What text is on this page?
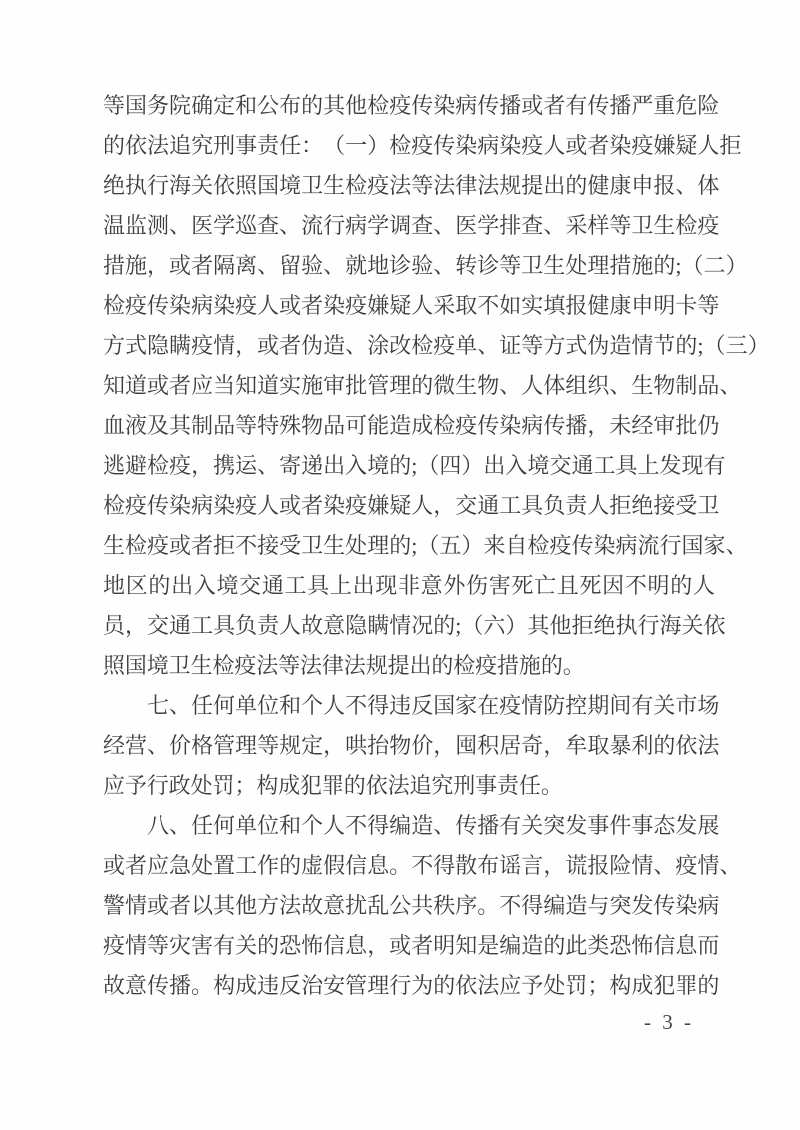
等 国 务 院 确 定 和 公 布 的 其 他 检 疫 传 染 病 传 播 或 者 有 传 播 严 重 危 险
的 依 法 追 究 刑 事 责 任 ： （ 一 ） 检 疫 传 染 病 染 疫 人 或 者 染 疫 嫌 疑 人 拒
绝 执 行 海 关 依 照 国 境 卫 生 检 疫 法 等 法 律 法 规 提 出 的 健 康 申 报 、 体
温 监 测 、 医 学 巡 查 、 流 行 病 学 调 查 、 医 学 排 查 、 采 样 等 卫 生 检 疫
措 施 ， 或 者 隔 离 、 留 验 、 就 地 诊 验 、 转 诊 等 卫 生 处 理 措 施 的 ; （ 二 ）
检 疫 传 染 病 染 疫 人 或 者 染 疫 嫌 疑 人 采 取 不 如 实 填 报 健 康 申 明 卡 等
方 式 隐 瞒 疫 情 ， 或 者 伪 造 、 涂 改 检 疫 单 、 证 等 方 式 伪 造 情 节 的 ; （ 三 ）
知 道 或 者 应 当 知 道 实 施 审 批 管 理 的 微 生 物 、 人 体 组 织 、 生 物 制 品 、
血 液 及 其 制 品 等 特 殊 物 品 可 能 造 成 检 疫 传 染 病 传 播 ， 未 经 审 批 仍
逃 避 检 疫 ， 携 运 、 寄 递 出 入 境 的 ; （ 四 ） 出 入 境 交 通 工 具 上 发 现 有
检 疫 传 染 病 染 疫 人 或 者 染 疫 嫌 疑 人 ， 交 通 工 具 负 责 人 拒 绝 接 受 卫
生 检 疫 或 者 拒 不 接 受 卫 生 处 理 的 ; （ 五 ） 来 自 检 疫 传 染 病 流 行 国 家 、
地 区 的 出 入 境 交 通 工 具 上 出 现 非 意 外 伤 害 死 亡 且 死 因 不 明 的 人
员 ， 交 通 工 具 负 责 人 故 意 隐 瞒 情 况 的 ; （ 六 ） 其 他 拒 绝 执 行 海 关 依
照 国 境 卫 生 检 疫 法 等 法 律 法 规 提 出 的 检 疫 措 施 的 。
七 、 任 何 单 位 和 个 人 不 得 违 反 国 家 在 疫 情 防 控 期 间 有 关 市 场
经 营 、 价 格 管 理 等 规 定 ， 哄 抬 物 价 ， 囤 积 居 奇 ， 牟 取 暴 利 的 依 法
应 予 行 政 处 罚 ； 构 成 犯 罪 的 依 法 追 究 刑 事 责 任 。
八 、 任 何 单 位 和 个 人 不 得 编 造 、 传 播 有 关 突 发 事 件 事 态 发 展
或 者 应 急 处 置 工 作 的 虚 假 信 息 。 不 得 散 布 谣 言 ， 谎 报 险 情 、 疫 情 、
警 情 或 者 以 其 他 方 法 故 意 扰 乱 公 共 秩 序 。 不 得 编 造 与 突 发 传 染 病
疫 情 等 灾 害 有 关 的 恐 怖 信 息 ， 或 者 明 知 是 编 造 的 此 类 恐 怖 信 息 而
故 意 传 播 。 构 成 违 反 治 安 管 理 行 为 的 依 法 应 予 处 罚 ； 构 成 犯 罪 的
- 3 -
